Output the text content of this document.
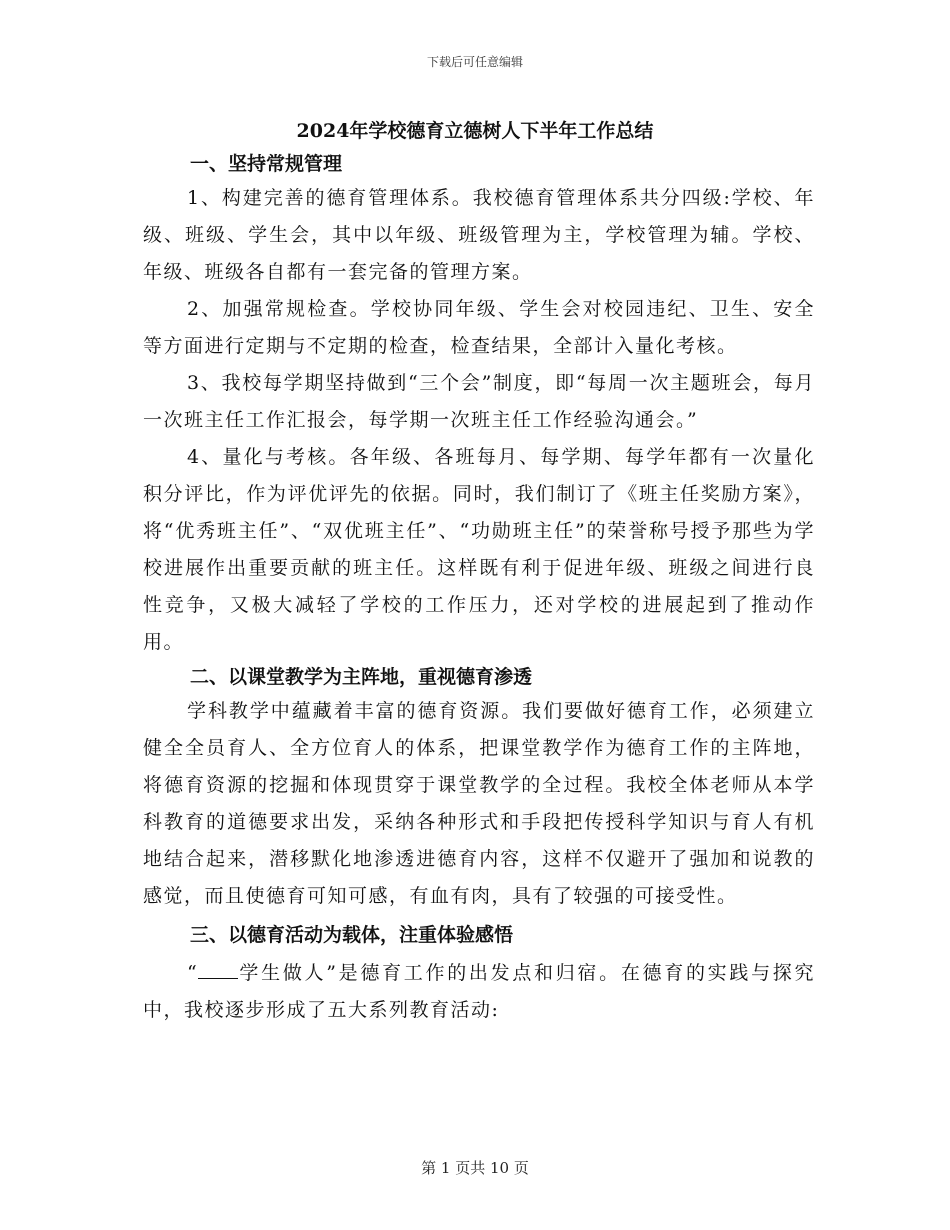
下载后可任意编辑
2024年学校德育立德树人下半年工作总结
一、坚持常规管理

1、构建完善的德育管理体系。我校德育管理体系共分四级:学校、年级、班级、学生会，其中以年级、班级管理为主，学校管理为辅。学校、年级、班级各自都有一套完备的管理方案。

2、加强常规检查。学校协同年级、学生会对校园违纪、卫生、安全等方面进行定期与不定期的检查，检查结果，全部计入量化考核。

3、我校每学期坚持做到“三个会”制度，即“每周一次主题班会，每月一次班主任工作汇报会，每学期一次班主任工作经验沟通会。”

4、量化与考核。各年级、各班每月、每学期、每学年都有一次量化积分评比，作为评优评先的依据。同时，我们制订了《班主任奖励方案》，将“优秀班主任”、“双优班主任”、“功勋班主任”的荣誉称号授予那些为学校进展作出重要贡献的班主任。这样既有利于促进年级、班级之间进行良性竞争，又极大减轻了学校的工作压力，还对学校的进展起到了推动作用。

二、以课堂教学为主阵地，重视德育渗透

学科教学中蕴藏着丰富的德育资源。我们要做好德育工作，必须建立健全全员育人、全方位育人的体系，把课堂教学作为德育工作的主阵地，将德育资源的挖掘和体现贯穿于课堂教学的全过程。我校全体老师从本学科教育的道德要求出发，采纳各种形式和手段把传授科学知识与育人有机地结合起来，潜移默化地渗透进德育内容，这样不仅避开了强加和说教的感觉，而且使德育可知可感，有血有肉，具有了较强的可接受性。

三、以德育活动为载体，注重体验感悟

“ 学生做人”是德育工作的出发点和归宿。在德育的实践与探究中，我校逐步形成了五大系列教育活动:

第 1 页共 10 页
